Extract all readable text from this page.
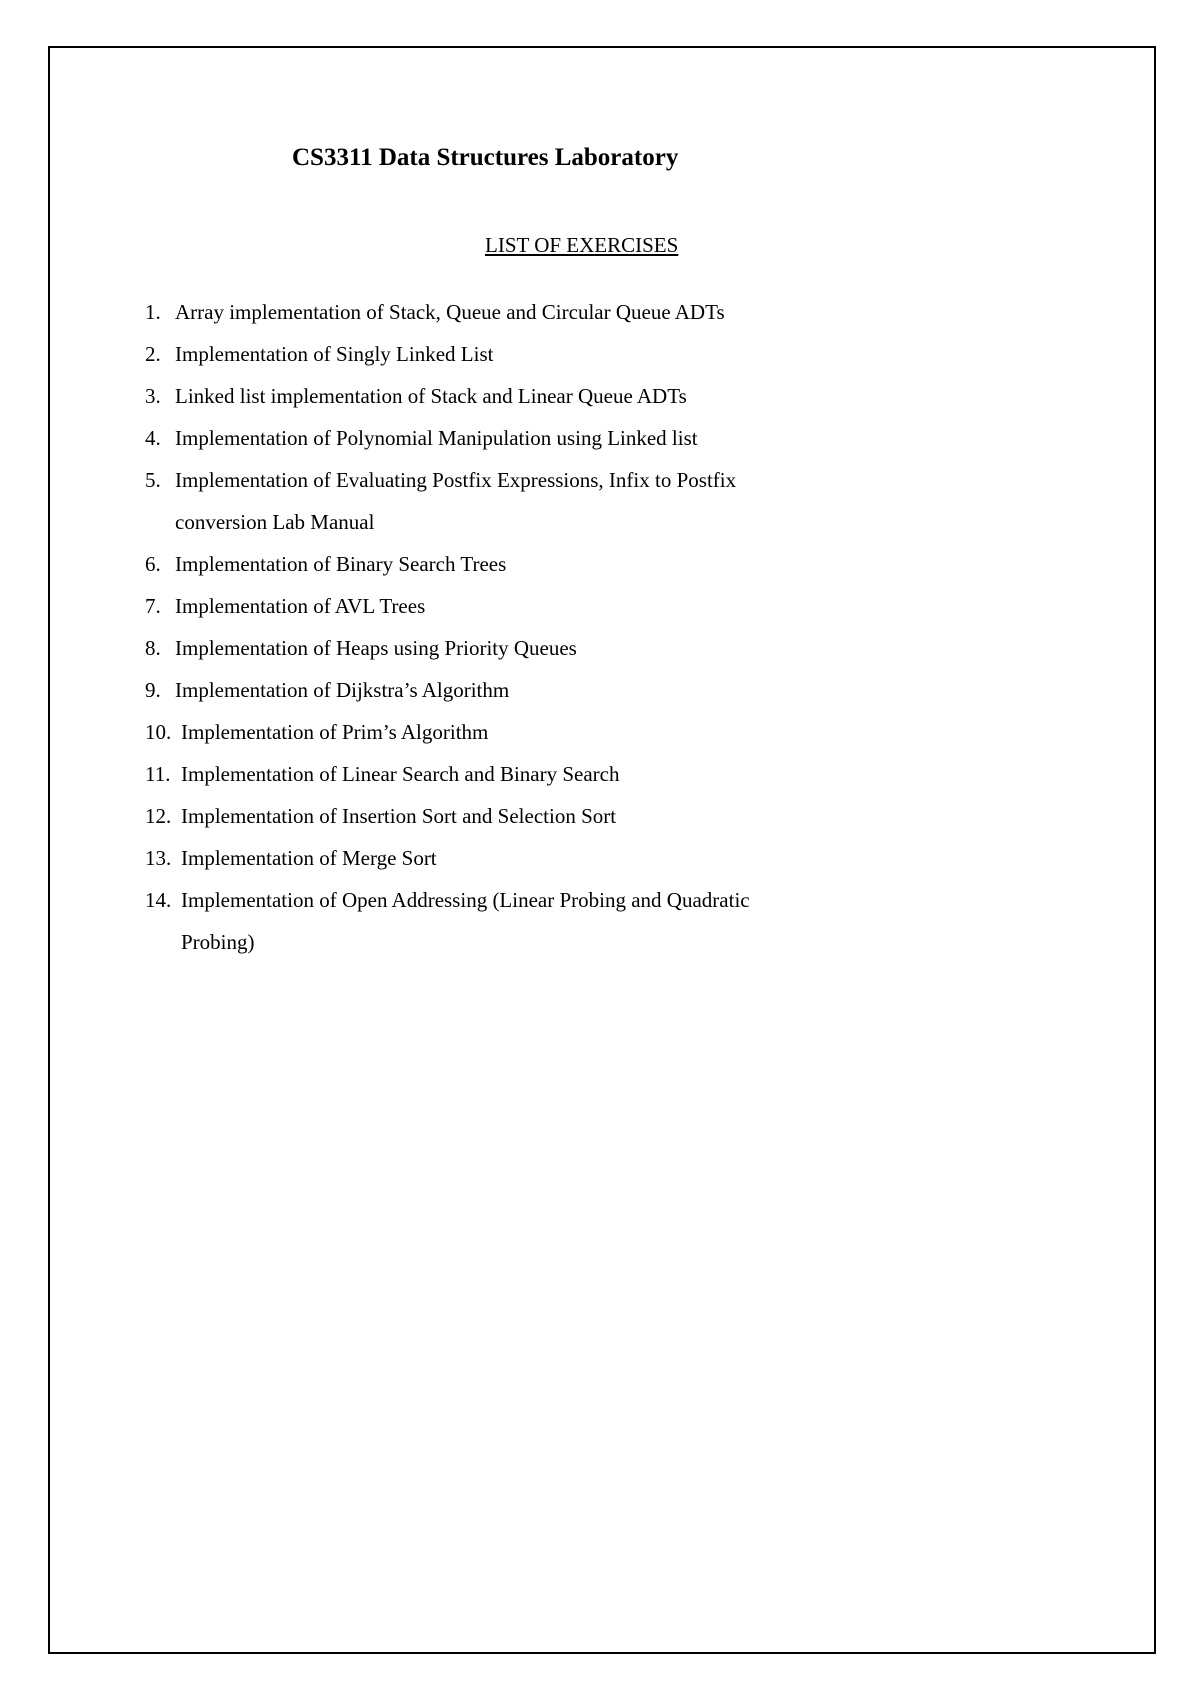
CS3311 Data Structures Laboratory
LIST OF EXERCISES
1. Array implementation of Stack, Queue and Circular Queue ADTs
2. Implementation of Singly Linked List
3. Linked list implementation of Stack and Linear Queue ADTs
4. Implementation of Polynomial Manipulation using Linked list
5. Implementation of Evaluating Postfix Expressions, Infix to Postfix conversion Lab Manual
6. Implementation of Binary Search Trees
7. Implementation of AVL Trees
8. Implementation of Heaps using Priority Queues
9. Implementation of Dijkstra’s Algorithm
10. Implementation of Prim’s Algorithm
11. Implementation of Linear Search and Binary Search
12. Implementation of Insertion Sort and Selection Sort
13. Implementation of Merge Sort
14. Implementation of Open Addressing (Linear Probing and Quadratic Probing)
